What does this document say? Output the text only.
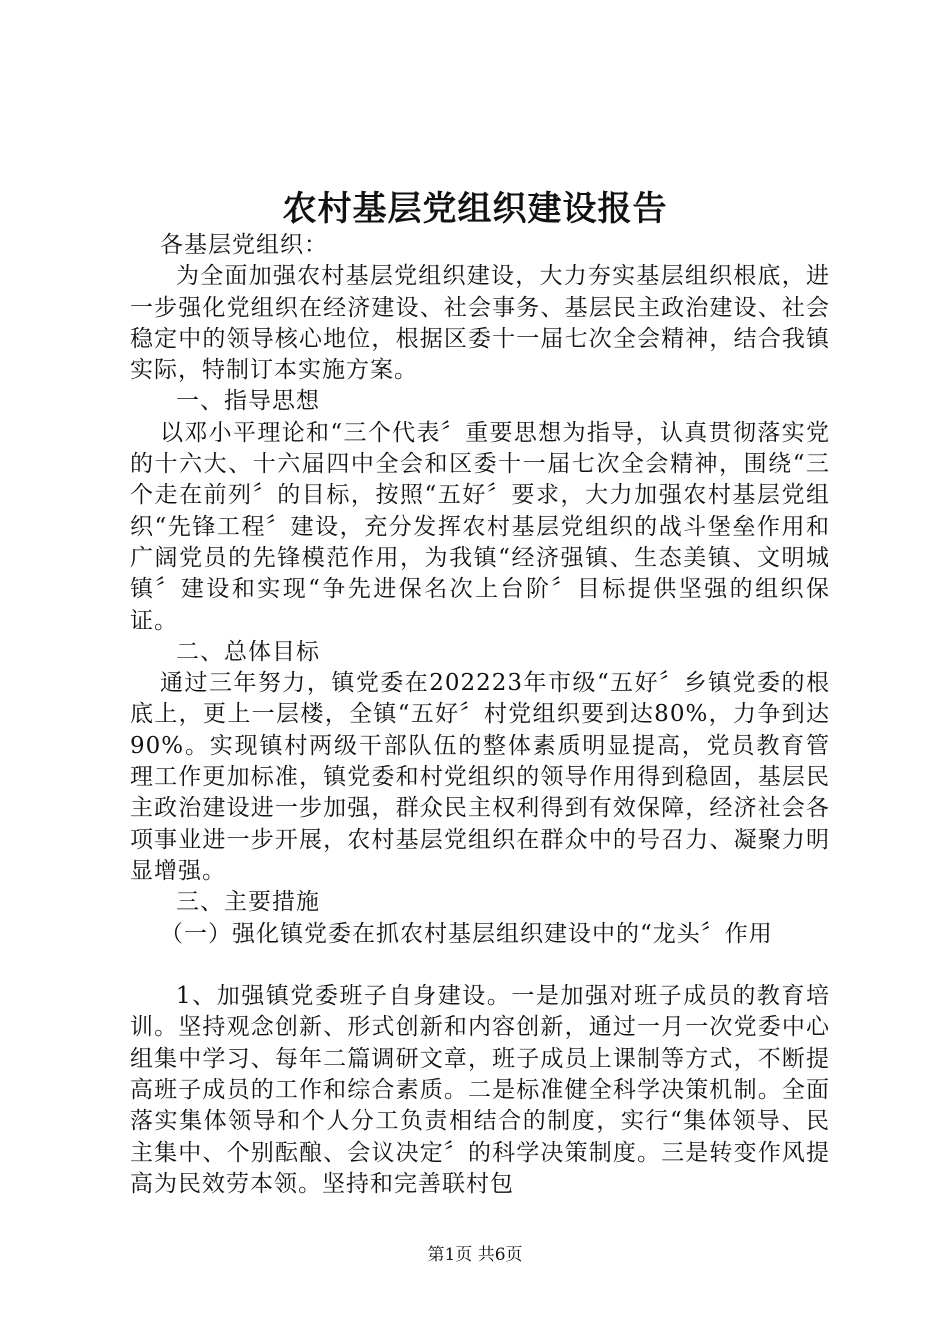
农村基层党组织建设报告

各基层党组织：

为全面加强农村基层党组织建设，大力夯实基层组织根底，进一步强化党组织在经济建设、社会事务、基层民主政治建设、社会稳定中的领导核心地位，根据区委十一届七次全会精神，结合我镇实际，特制订本实施方案。

一、指导思想

以邓小平理论和“三个代表〞重要思想为指导，认真贯彻落实党的十六大、十六届四中全会和区委十一届七次全会精神，围绕“三个走在前列〞的目标，按照“五好〞要求，大力加强农村基层党组织“先锋工程〞建设，充分发挥农村基层党组织的战斗堡垒作用和广阔党员的先锋模范作用，为我镇“经济强镇、生态美镇、文明城镇〞建设和实现“争先进保名次上台阶〞目标提供坚强的组织保证。

二、总体目标

通过三年努力，镇党委在202223年市级“五好〞乡镇党委的根底上，更上一层楼，全镇“五好〞村党组织要到达80%，力争到达90%。实现镇村两级干部队伍的整体素质明显提高，党员教育管理工作更加标准，镇党委和村党组织的领导作用得到稳固，基层民主政治建设进一步加强，群众民主权利得到有效保障，经济社会各项事业进一步开展，农村基层党组织在群众中的号召力、凝聚力明显增强。

三、主要措施

（一）强化镇党委在抓农村基层组织建设中的“龙头〞作用

1、加强镇党委班子自身建设。一是加强对班子成员的教育培训。坚持观念创新、形式创新和内容创新，通过一月一次党委中心组集中学习、每年二篇调研文章，班子成员上课制等方式，不断提高班子成员的工作和综合素质。二是标准健全科学决策机制。全面落实集体领导和个人分工负责相结合的制度，实行“集体领导、民主集中、个别酝酿、会议决定〞的科学决策制度。三是转变作风提高为民效劳本领。坚持和完善联村包

第1页 共6页
